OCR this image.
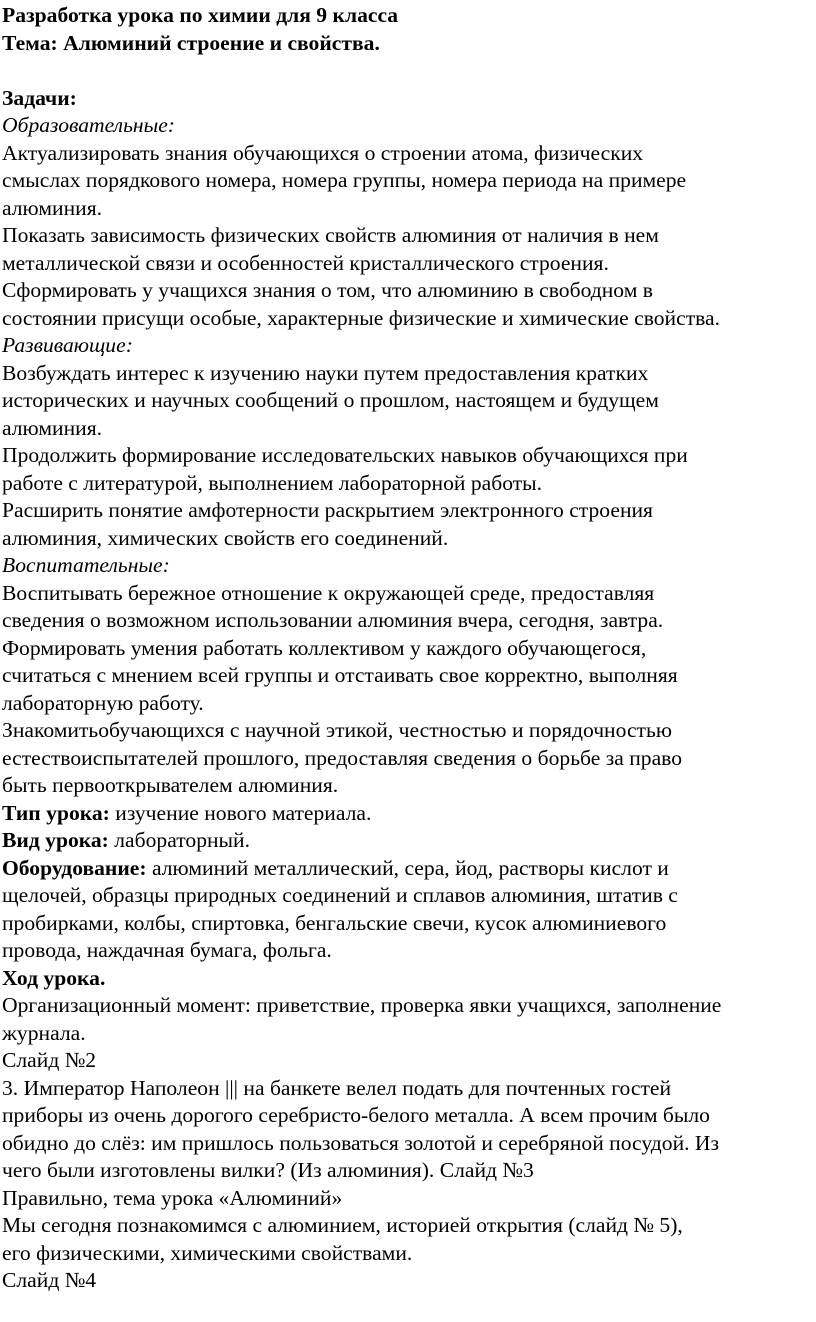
Разработка урока по химии для 9 класса
Тема: Алюминий строение и свойства.
Задачи:
Образовательные:
Актуализировать знания обучающихся о строении атома, физических
смыслах порядкового номера, номера группы, номера периода на примере
алюминия.
Показать зависимость физических свойств алюминия от наличия в нем
металлической связи и особенностей кристаллического строения.
Сформировать у учащихся знания о том, что алюминию в свободном в
состоянии присущи особые, характерные физические и химические свойства.
Развивающие:
Возбуждать интерес к изучению науки путем предоставления кратких
исторических и научных сообщений о прошлом, настоящем и будущем
алюминия.
Продолжить формирование исследовательских навыков обучающихся при
работе с литературой, выполнением лабораторной работы.
Расширить понятие амфотерности раскрытием электронного строения
алюминия, химических свойств его соединений.
Воспитательные:
Воспитывать бережное отношение к окружающей среде, предоставляя
сведения о возможном использовании алюминия вчера, сегодня, завтра.
Формировать умения работать коллективом у каждого обучающегося,
считаться с мнением всей группы и отстаивать свое корректно, выполняя
лабораторную работу.
Знакомитьобучающихся с научной этикой, честностью и порядочностью
естествоиспытателей прошлого, предоставляя сведения о борьбе за право
быть первооткрывателем алюминия.
Тип урока: изучение нового материала.
Вид урока: лабораторный.
Оборудование: алюминий металлический, сера, йод, растворы кислот и
щелочей, образцы природных соединений и сплавов алюминия, штатив с
пробирками, колбы, спиртовка, бенгальские свечи, кусок алюминиевого
провода, наждачная бумага, фольга.
Ход урока.
Организационный момент: приветствие, проверка явки учащихся, заполнение
журнала.
Слайд №2
3. Император Наполеон ||| на банкете велел подать для почтенных гостей
приборы из очень дорогого серебристо-белого металла. А всем прочим было
обидно до слёз: им пришлось пользоваться золотой и серебряной посудой. Из
чего были изготовлены вилки? (Из алюминия). Слайд №3
Правильно, тема урока «Алюминий»
Мы сегодня познакомимся с алюминием, историей открытия (слайд № 5),
его физическими, химическими свойствами.
Слайд №4
